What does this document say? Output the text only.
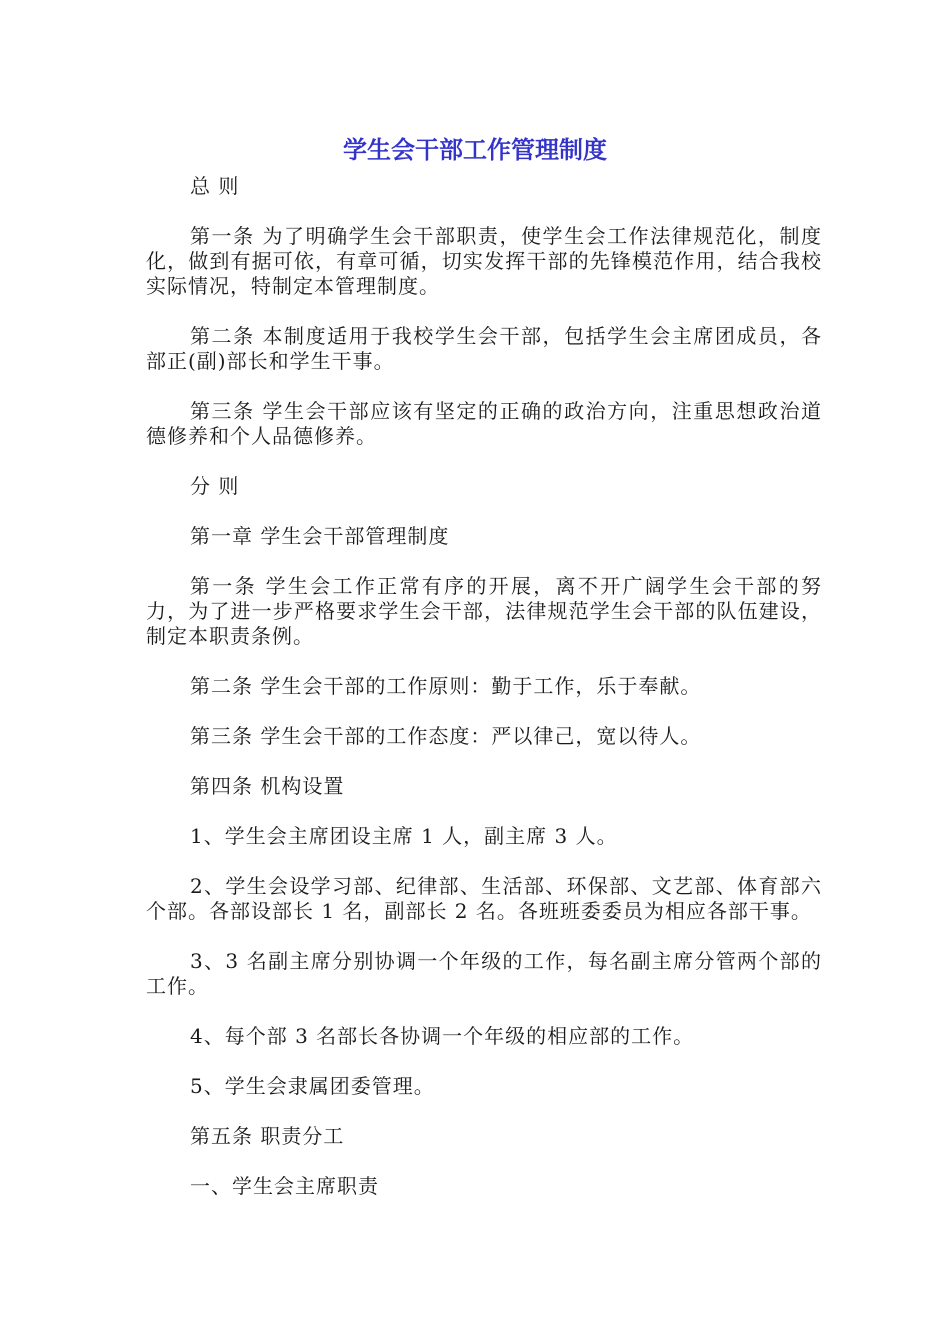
学生会干部工作管理制度

总 则

第一条 为了明确学生会干部职责，使学生会工作法律规范化，制度化，做到有据可依，有章可循，切实发挥干部的先锋模范作用，结合我校实际情况，特制定本管理制度。

第二条 本制度适用于我校学生会干部，包括学生会主席团成员，各部正(副)部长和学生干事。

第三条 学生会干部应该有坚定的正确的政治方向，注重思想政治道德修养和个人品德修养。

分 则

第一章 学生会干部管理制度

第一条 学生会工作正常有序的开展，离不开广阔学生会干部的努力，为了进一步严格要求学生会干部，法律规范学生会干部的队伍建设，制定本职责条例。

第二条 学生会干部的工作原则：勤于工作，乐于奉献。

第三条 学生会干部的工作态度：严以律己，宽以待人。

第四条 机构设置

1、学生会主席团设主席 1 人，副主席 3 人。

2、学生会设学习部、纪律部、生活部、环保部、文艺部、体育部六个部。各部设部长 1 名，副部长 2 名。各班班委委员为相应各部干事。

3、3 名副主席分别协调一个年级的工作，每名副主席分管两个部的工作。

4、每个部 3 名部长各协调一个年级的相应部的工作。

5、学生会隶属团委管理。

第五条 职责分工

一、学生会主席职责
